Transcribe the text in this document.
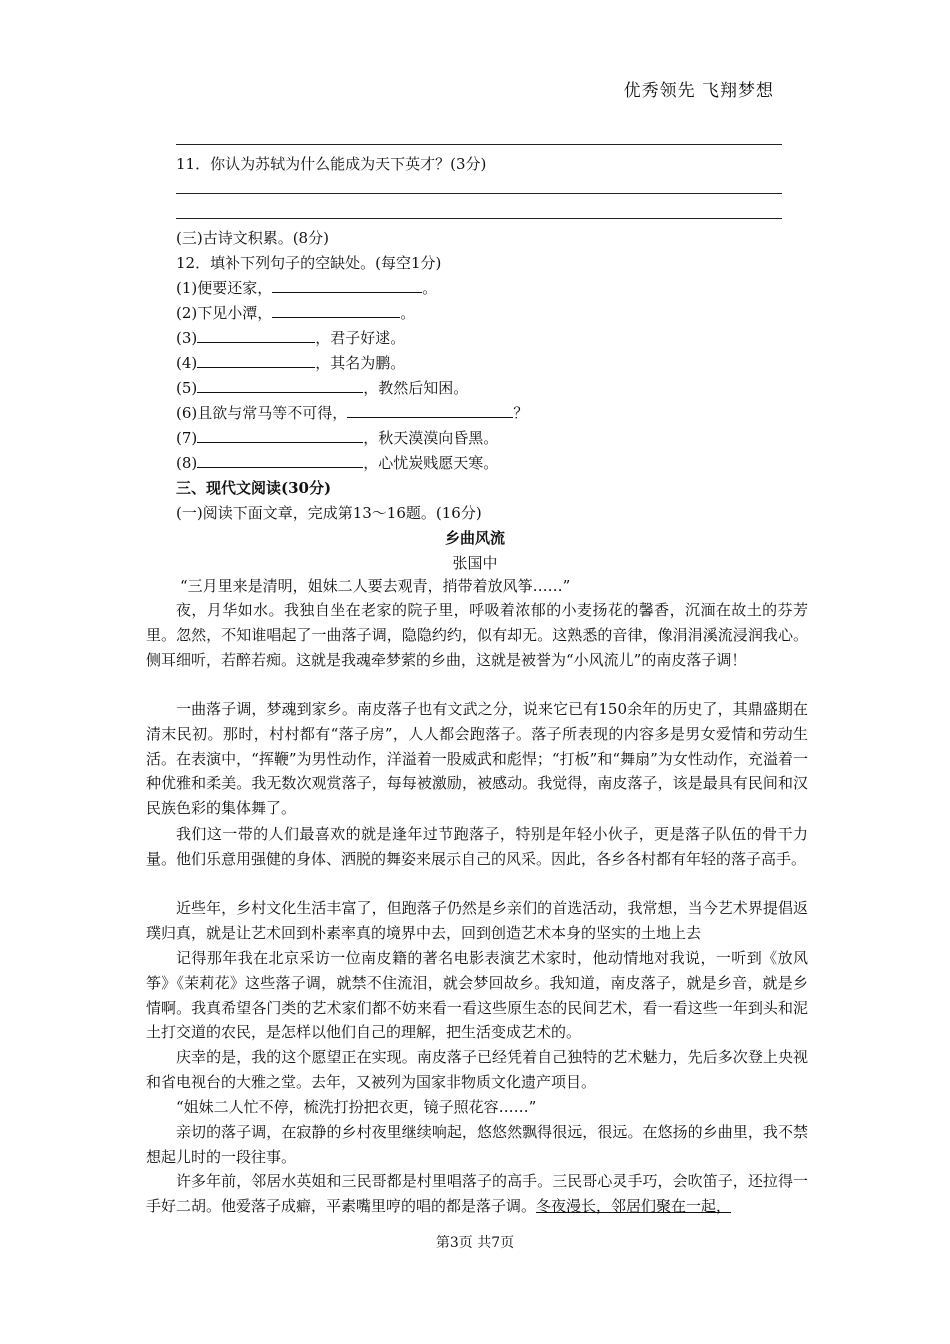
优秀领先 飞翔梦想
11．你认为苏轼为什么能成为天下英才？(3分)
(三)古诗文积累。(8分)
12．填补下列句子的空缺处。(每空1分)
(1)便要还家，	。
(2)下见小潭，	。
(3)	，君子好逑。
(4)	，其名为鹏。
(5)	，教然后知困。
(6)且欲与常马等不可得，	？
(7)	，秋天漠漠向昏黑。
(8)	，心忧炭贱愿天寒。
三、现代文阅读(30分)
(一)阅读下面文章，完成第13～16题。(16分)
乡曲风流
张国中

“三月里来是清明，姐妹二人要去观青，捎带着放风筝……”

夜，月华如水。我独自坐在老家的院子里，呼吸着浓郁的小麦扬花的馨香，沉湎在故土的芬芳里。忽然，不知谁唱起了一曲落子调，隐隐约约，似有却无。这熟悉的音律，像涓涓溪流浸润我心。侧耳细听，若醉若痴。这就是我魂牵梦萦的乡曲，这就是被誉为“小风流儿”的南皮落子调！

一曲落子调，梦魂到家乡。南皮落子也有文武之分，说来它已有150余年的历史了，其鼎盛期在清末民初。那时，村村都有“落子房”，人人都会跑落子。落子所表现的内容多是男女爱情和劳动生活。在表演中，“挥鞭”为男性动作，洋溢着一股威武和彪悍；“打板”和“舞扇”为女性动作，充溢着一种优雅和柔美。我无数次观赏落子，每每被激励，被感动。我觉得，南皮落子，该是最具有民间和汉民族色彩的集体舞了。

我们这一带的人们最喜欢的就是逢年过节跑落子，特别是年轻小伙子，更是落子队伍的骨干力量。他们乐意用强健的身体、洒脱的舞姿来展示自己的风采。因此，各乡各村都有年轻的落子高手。

近些年，乡村文化生活丰富了，但跑落子仍然是乡亲们的首选活动，我常想，当今艺术界提倡返璞归真，就是让艺术回到朴素率真的境界中去，回到创造艺术本身的坚实的土地上去

记得那年我在北京采访一位南皮籍的著名电影表演艺术家时，他动情地对我说，一听到《放风筝》《茉莉花》这些落子调，就禁不住流泪，就会梦回故乡。我知道，南皮落子，就是乡音，就是乡情啊。我真希望各门类的艺术家们都不妨来看一看这些原生态的民间艺术，看一看这些一年到头和泥土打交道的农民，是怎样以他们自己的理解，把生活变成艺术的。

庆幸的是，我的这个愿望正在实现。南皮落子已经凭着自己独特的艺术魅力，先后多次登上央视和省电视台的大雅之堂。去年，又被列为国家非物质文化遗产项目。

“姐妹二人忙不停，梳洗打扮把衣更，镜子照花容……”

亲切的落子调，在寂静的乡村夜里继续响起，悠悠然飘得很远，很远。在悠扬的乡曲里，我不禁想起儿时的一段往事。

许多年前，邻居水英姐和三民哥都是村里唱落子的高手。三民哥心灵手巧，会吹笛子，还拉得一手好二胡。他爱落子成癖，平素嘴里哼的唱的都是落子调。冬夜漫长，邻居们聚在一起，

第3页 共7页
